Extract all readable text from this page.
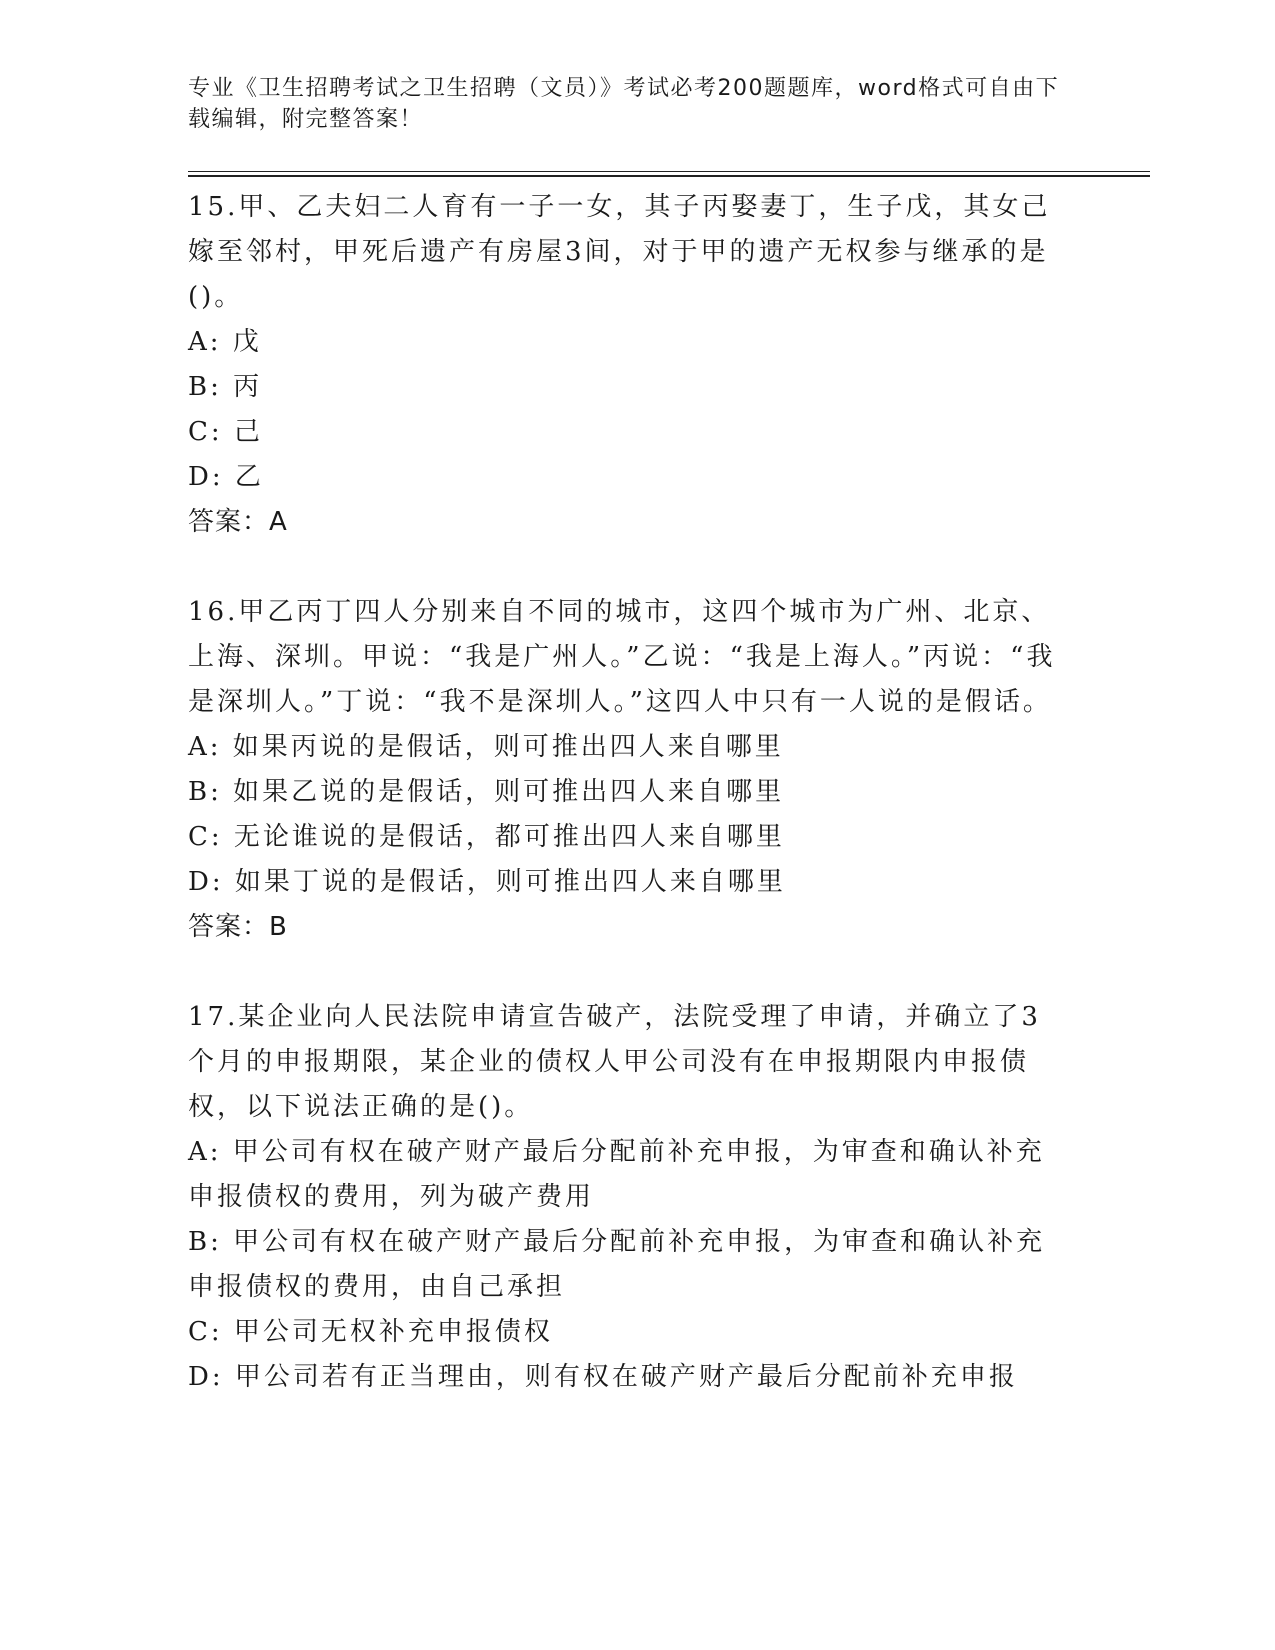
专业《卫生招聘考试之卫生招聘（文员）》考试必考200题题库，word格式可自由下载编辑，附完整答案！
15.甲、乙夫妇二人育有一子一女，其子丙娶妻丁，生子戊，其女己嫁至邻村，甲死后遗产有房屋3间，对于甲的遗产无权参与继承的是()。
A: 戊
B: 丙
C: 己
D: 乙
答案：A
16.甲乙丙丁四人分别来自不同的城市，这四个城市为广州、北京、上海、深圳。甲说：“我是广州人。”乙说：“我是上海人。”丙说：“我是深圳人。”丁说：“我不是深圳人。”这四人中只有一人说的是假话。
A: 如果丙说的是假话，则可推出四人来自哪里
B: 如果乙说的是假话，则可推出四人来自哪里
C: 无论谁说的是假话，都可推出四人来自哪里
D: 如果丁说的是假话，则可推出四人来自哪里
答案：B
17.某企业向人民法院申请宣告破产，法院受理了申请，并确立了3个月的申报期限，某企业的债权人甲公司没有在申报期限内申报债权，以下说法正确的是()。
A: 甲公司有权在破产财产最后分配前补充申报，为审查和确认补充申报债权的费用，列为破产费用
B: 甲公司有权在破产财产最后分配前补充申报，为审查和确认补充申报债权的费用，由自己承担
C: 甲公司无权补充申报债权
D: 甲公司若有正当理由，则有权在破产财产最后分配前补充申报
